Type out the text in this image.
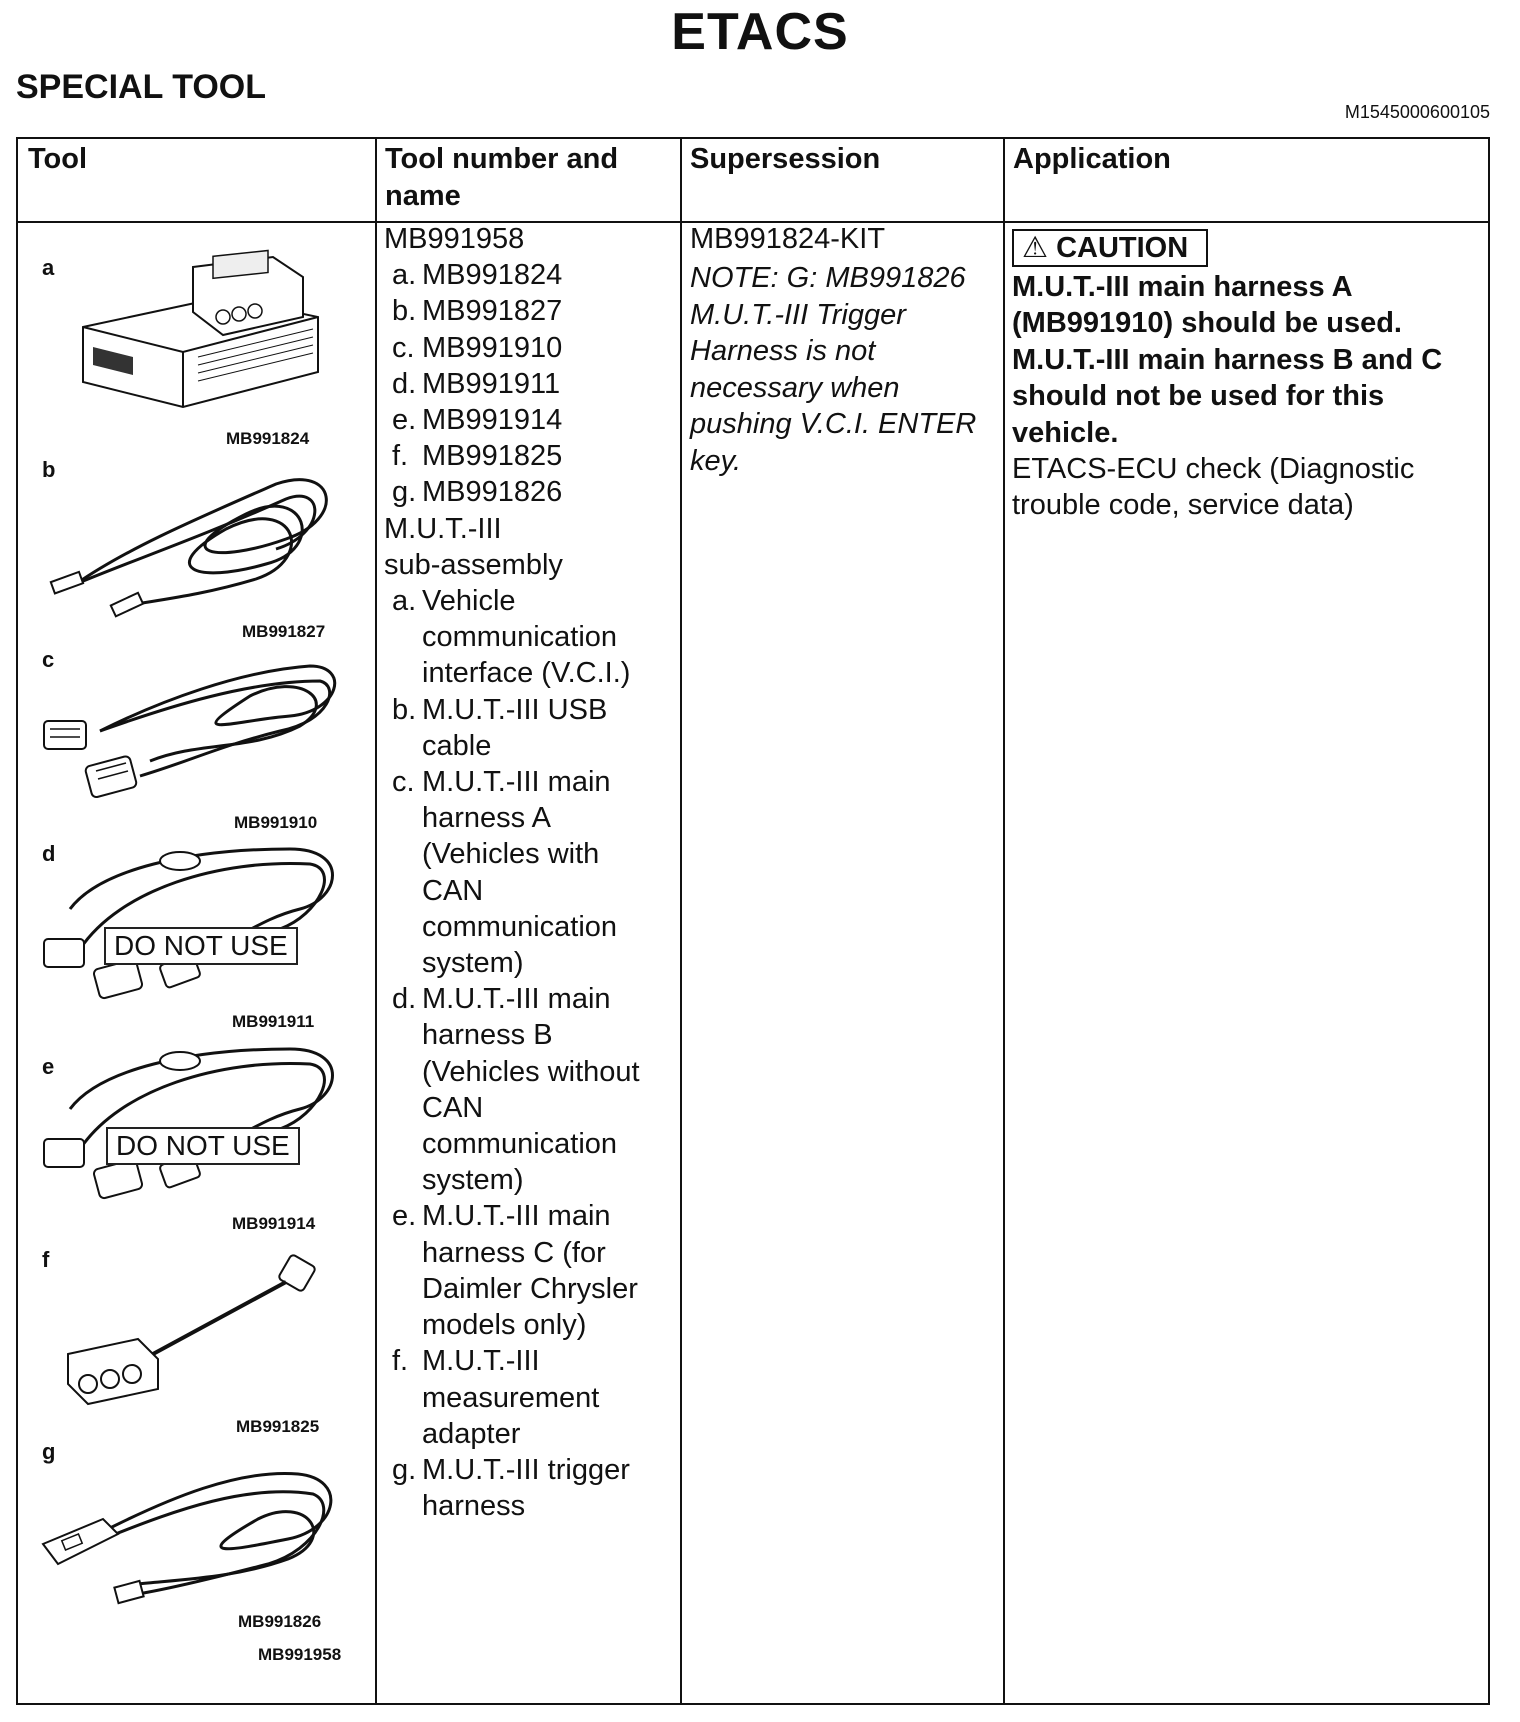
ETACS
SPECIAL TOOL
M1545000600105
Tool	Tool number and name
Supersession	Application
a
MB991824
b
MB991827
c
MB991910
d
MB991911
e
MB991914
f
MB991825
g
MB991826
MB991958
DO NOT USE
DO NOT USE
MB991958
a. MB991824
b. MB991827
c. MB991910
d. MB991911
e. MB991914
f. MB991825
g. MB991826
M.U.T.-III
sub-assembly
a. Vehicle
communication
interface (V.C.I.)
b. M.U.T.-III USB
cable
c. M.U.T.-III main
harness A
(Vehicles with
CAN
communication
system)
d. M.U.T.-III main
harness B
(Vehicles without
CAN
communication
system)
e. M.U.T.-III main
harness C (for
Daimler Chrysler
models only)
f. M.U.T.-III
measurement
adapter
g. M.U.T.-III trigger
harness
MB991824-KIT
NOTE: G: MB991826
M.U.T.-III Trigger
Harness is not
necessary when
pushing V.C.I. ENTER
key.
⚠ CAUTION
M.U.T.-III main harness A
(MB991910) should be used.
M.U.T.-III main harness B and C
should not be used for this
vehicle.
ETACS-ECU check (Diagnostic
trouble code, service data)
